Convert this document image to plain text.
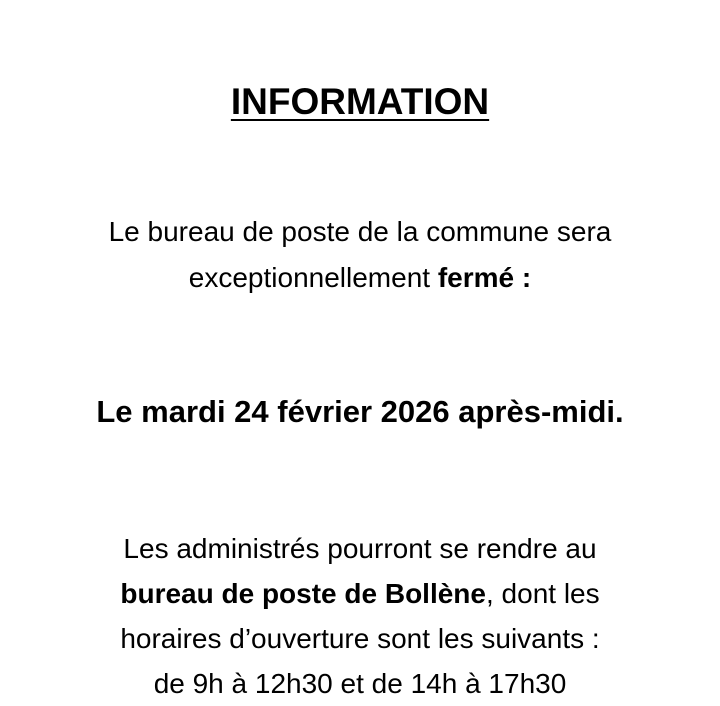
INFORMATION
Le bureau de poste de la commune sera
exceptionnellement fermé :
Le mardi 24 février 2026 après-midi.
Les administrés pourront se rendre au
bureau de poste de Bollène, dont les
horaires d’ouverture sont les suivants :
de 9h à 12h30 et de 14h à 17h30
